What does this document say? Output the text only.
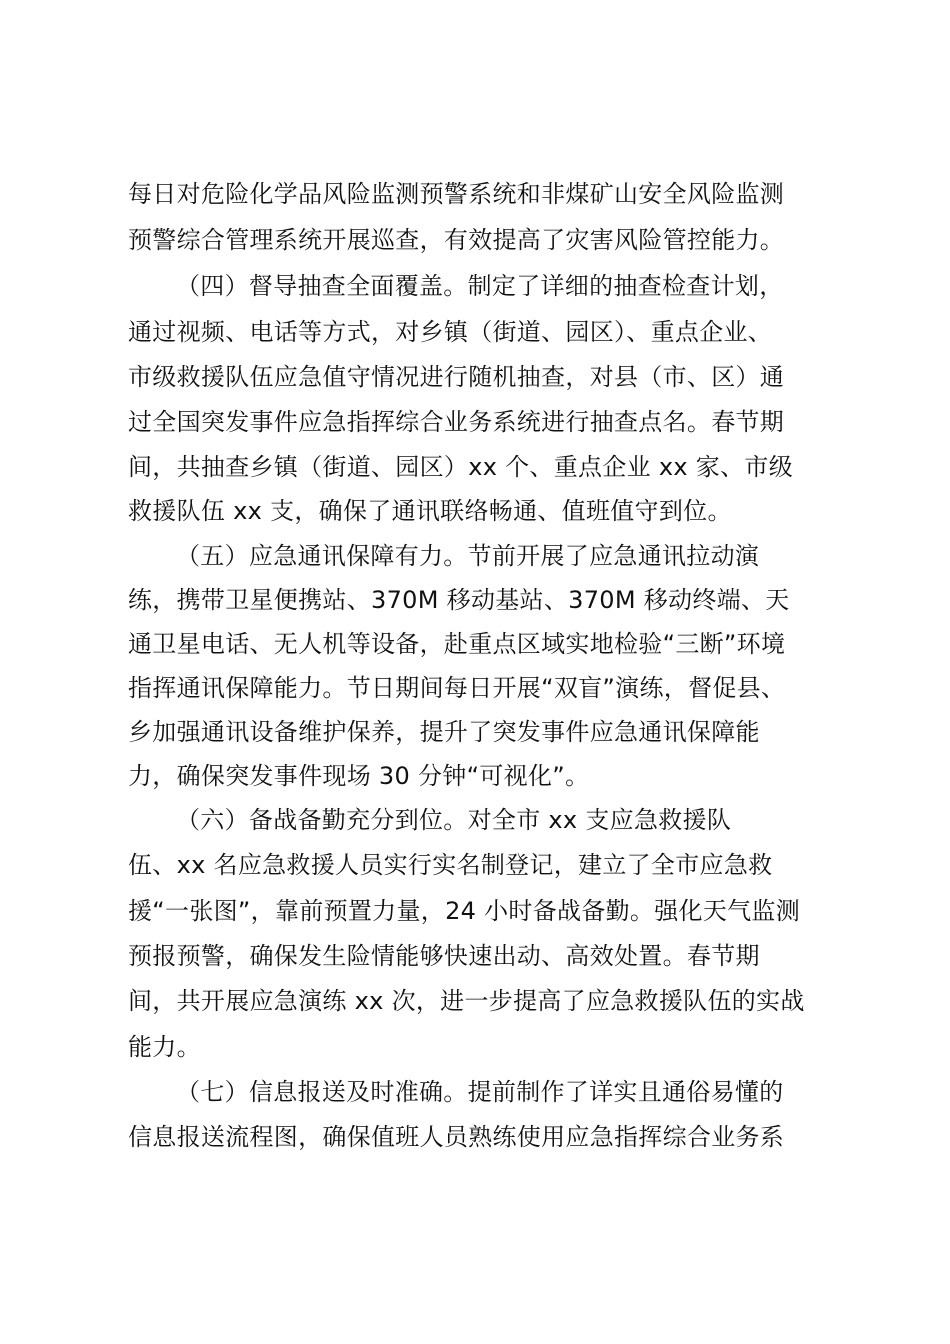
每日对危险化学品风险监测预警系统和非煤矿山安全风险监测
预警综合管理系统开展巡查，有效提高了灾害风险管控能力。
（四）督导抽查全面覆盖。制定了详细的抽查检查计划，
通过视频、电话等方式，对乡镇（街道、园区）、重点企业、
市级救援队伍应急值守情况进行随机抽查，对县（市、区）通
过全国突发事件应急指挥综合业务系统进行抽查点名。春节期
间，共抽查乡镇（街道、园区）xx 个、重点企业 xx 家、市级
救援队伍 xx 支，确保了通讯联络畅通、值班值守到位。
（五）应急通讯保障有力。节前开展了应急通讯拉动演
练，携带卫星便携站、370M 移动基站、370M 移动终端、天
通卫星电话、无人机等设备，赴重点区域实地检验“三断”环境
指挥通讯保障能力。节日期间每日开展“双盲”演练，督促县、
乡加强通讯设备维护保养，提升了突发事件应急通讯保障能
力，确保突发事件现场 30 分钟“可视化”。
（六）备战备勤充分到位。对全市 xx 支应急救援队
伍、xx 名应急救援人员实行实名制登记，建立了全市应急救
援“一张图”，靠前预置力量，24 小时备战备勤。强化天气监测
预报预警，确保发生险情能够快速出动、高效处置。春节期
间，共开展应急演练 xx 次，进一步提高了应急救援队伍的实战
能力。
（七）信息报送及时准确。提前制作了详实且通俗易懂的
信息报送流程图，确保值班人员熟练使用应急指挥综合业务系
